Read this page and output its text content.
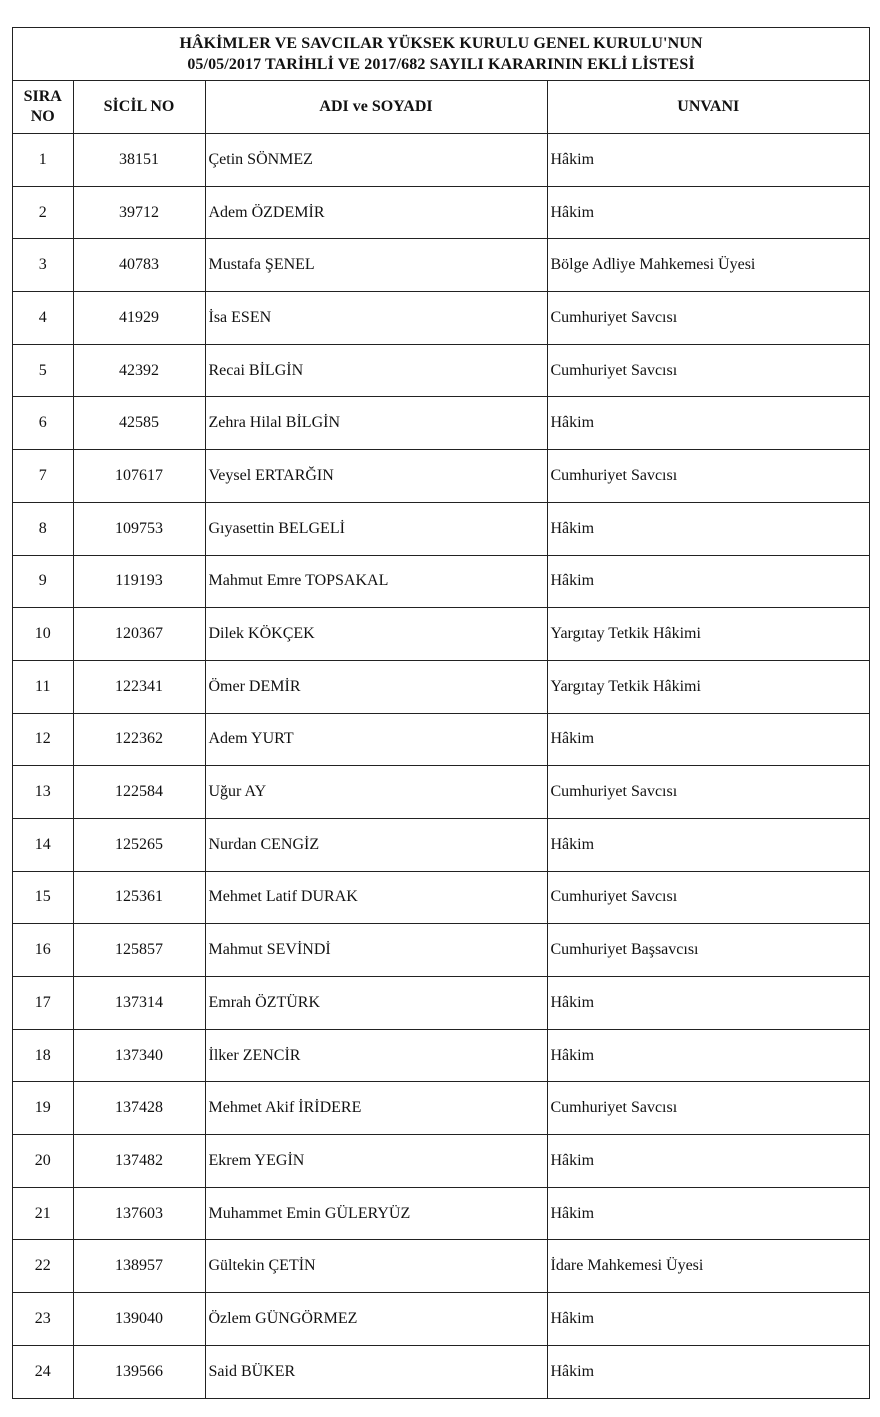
HÂKİMLER VE SAVCILAR YÜKSEK KURULU GENEL KURULU'NUN
05/05/2017 TARİHLİ VE 2017/682 SAYILI KARARININ EKLİ LİSTESİ
SIRA
NO	SİCİL NO	ADI ve SOYADI	UNVANI
1	38151	Çetin SÖNMEZ	Hâkim
2	39712	Adem ÖZDEMİR	Hâkim
3	40783	Mustafa ŞENEL	Bölge Adliye Mahkemesi Üyesi
4	41929	İsa ESEN	Cumhuriyet Savcısı
5	42392	Recai BİLGİN	Cumhuriyet Savcısı
6	42585	Zehra Hilal BİLGİN	Hâkim
7	107617	Veysel ERTARĞIN	Cumhuriyet Savcısı
8	109753	Gıyasettin BELGELİ	Hâkim
9	119193	Mahmut Emre TOPSAKAL	Hâkim
10	120367	Dilek KÖKÇEK	Yargıtay Tetkik Hâkimi
11	122341	Ömer DEMİR	Yargıtay Tetkik Hâkimi
12	122362	Adem YURT	Hâkim
13	122584	Uğur AY	Cumhuriyet Savcısı
14	125265	Nurdan CENGİZ	Hâkim
15	125361	Mehmet Latif DURAK	Cumhuriyet Savcısı
16	125857	Mahmut SEVİNDİ	Cumhuriyet Başsavcısı
17	137314	Emrah ÖZTÜRK	Hâkim
18	137340	İlker ZENCİR	Hâkim
19	137428	Mehmet Akif İRİDERE	Cumhuriyet Savcısı
20	137482	Ekrem YEGİN	Hâkim
21	137603	Muhammet Emin GÜLERYÜZ	Hâkim
22	138957	Gültekin ÇETİN	İdare Mahkemesi Üyesi
23	139040	Özlem GÜNGÖRMEZ	Hâkim
24	139566	Said BÜKER	Hâkim
